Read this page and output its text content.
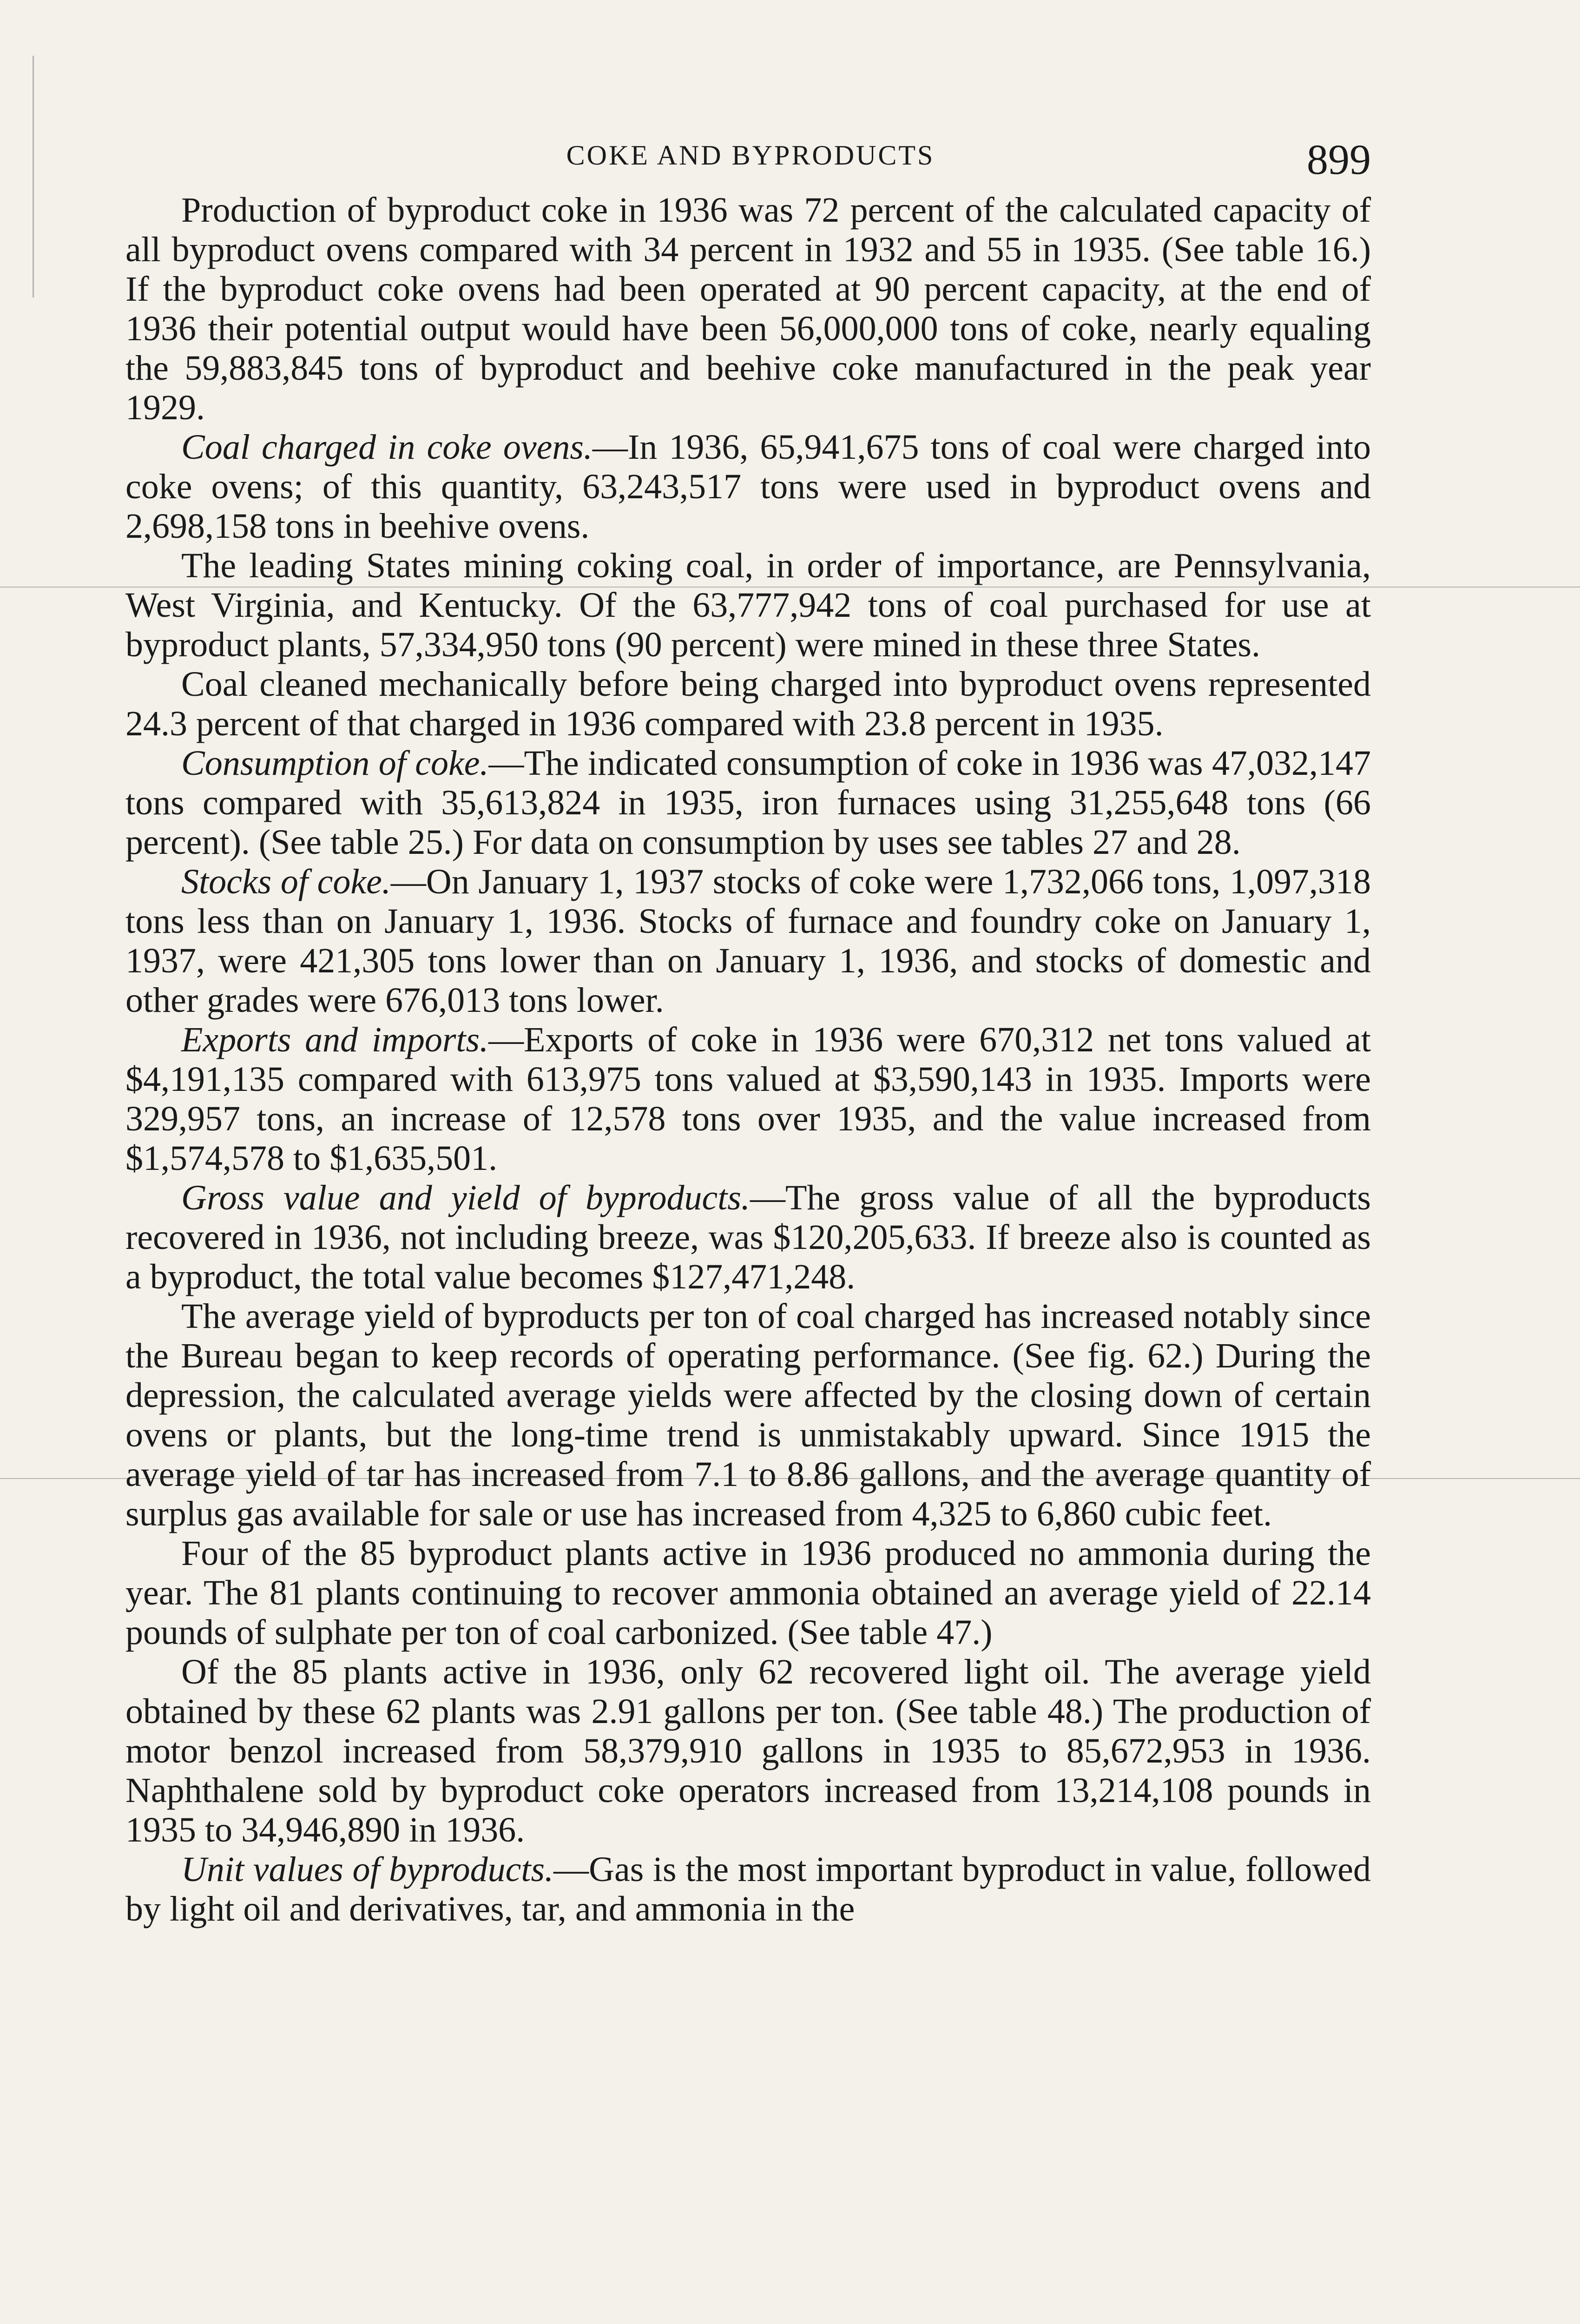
COKE AND BYPRODUCTS	899

Production of byproduct coke in 1936 was 72 percent of the calculated capacity of all byproduct ovens compared with 34 percent in 1932 and 55 in 1935. (See table 16.) If the byproduct coke ovens had been operated at 90 percent capacity, at the end of 1936 their potential output would have been 56,000,000 tons of coke, nearly equaling the 59,883,845 tons of byproduct and beehive coke manufactured in the peak year 1929.

Coal charged in coke ovens.—In 1936, 65,941,675 tons of coal were charged into coke ovens; of this quantity, 63,243,517 tons were used in byproduct ovens and 2,698,158 tons in beehive ovens.

The leading States mining coking coal, in order of importance, are Pennsylvania, West Virginia, and Kentucky. Of the 63,777,942 tons of coal purchased for use at byproduct plants, 57,334,950 tons (90 percent) were mined in these three States.

Coal cleaned mechanically before being charged into byproduct ovens represented 24.3 percent of that charged in 1936 compared with 23.8 percent in 1935.

Consumption of coke.—The indicated consumption of coke in 1936 was 47,032,147 tons compared with 35,613,824 in 1935, iron furnaces using 31,255,648 tons (66 percent). (See table 25.) For data on consumption by uses see tables 27 and 28.

Stocks of coke.—On January 1, 1937 stocks of coke were 1,732,066 tons, 1,097,318 tons less than on January 1, 1936. Stocks of furnace and foundry coke on January 1, 1937, were 421,305 tons lower than on January 1, 1936, and stocks of domestic and other grades were 676,013 tons lower.

Exports and imports.—Exports of coke in 1936 were 670,312 net tons valued at $4,191,135 compared with 613,975 tons valued at $3,590,143 in 1935. Imports were 329,957 tons, an increase of 12,578 tons over 1935, and the value increased from $1,574,578 to $1,635,501.

Gross value and yield of byproducts.—The gross value of all the byproducts recovered in 1936, not including breeze, was $120,205,633. If breeze also is counted as a byproduct, the total value becomes $127,471,248.

The average yield of byproducts per ton of coal charged has increased notably since the Bureau began to keep records of operating performance. (See fig. 62.) During the depression, the calculated average yields were affected by the closing down of certain ovens or plants, but the long-time trend is unmistakably upward. Since 1915 the average yield of tar has increased from 7.1 to 8.86 gallons, and the average quantity of surplus gas available for sale or use has increased from 4,325 to 6,860 cubic feet.

Four of the 85 byproduct plants active in 1936 produced no ammonia during the year. The 81 plants continuing to recover ammonia obtained an average yield of 22.14 pounds of sulphate per ton of coal carbonized. (See table 47.)

Of the 85 plants active in 1936, only 62 recovered light oil. The average yield obtained by these 62 plants was 2.91 gallons per ton. (See table 48.) The production of motor benzol increased from 58,379,910 gallons in 1935 to 85,672,953 in 1936. Naphthalene sold by byproduct coke operators increased from 13,214,108 pounds in 1935 to 34,946,890 in 1936.

Unit values of byproducts.—Gas is the most important byproduct in value, followed by light oil and derivatives, tar, and ammonia in the
